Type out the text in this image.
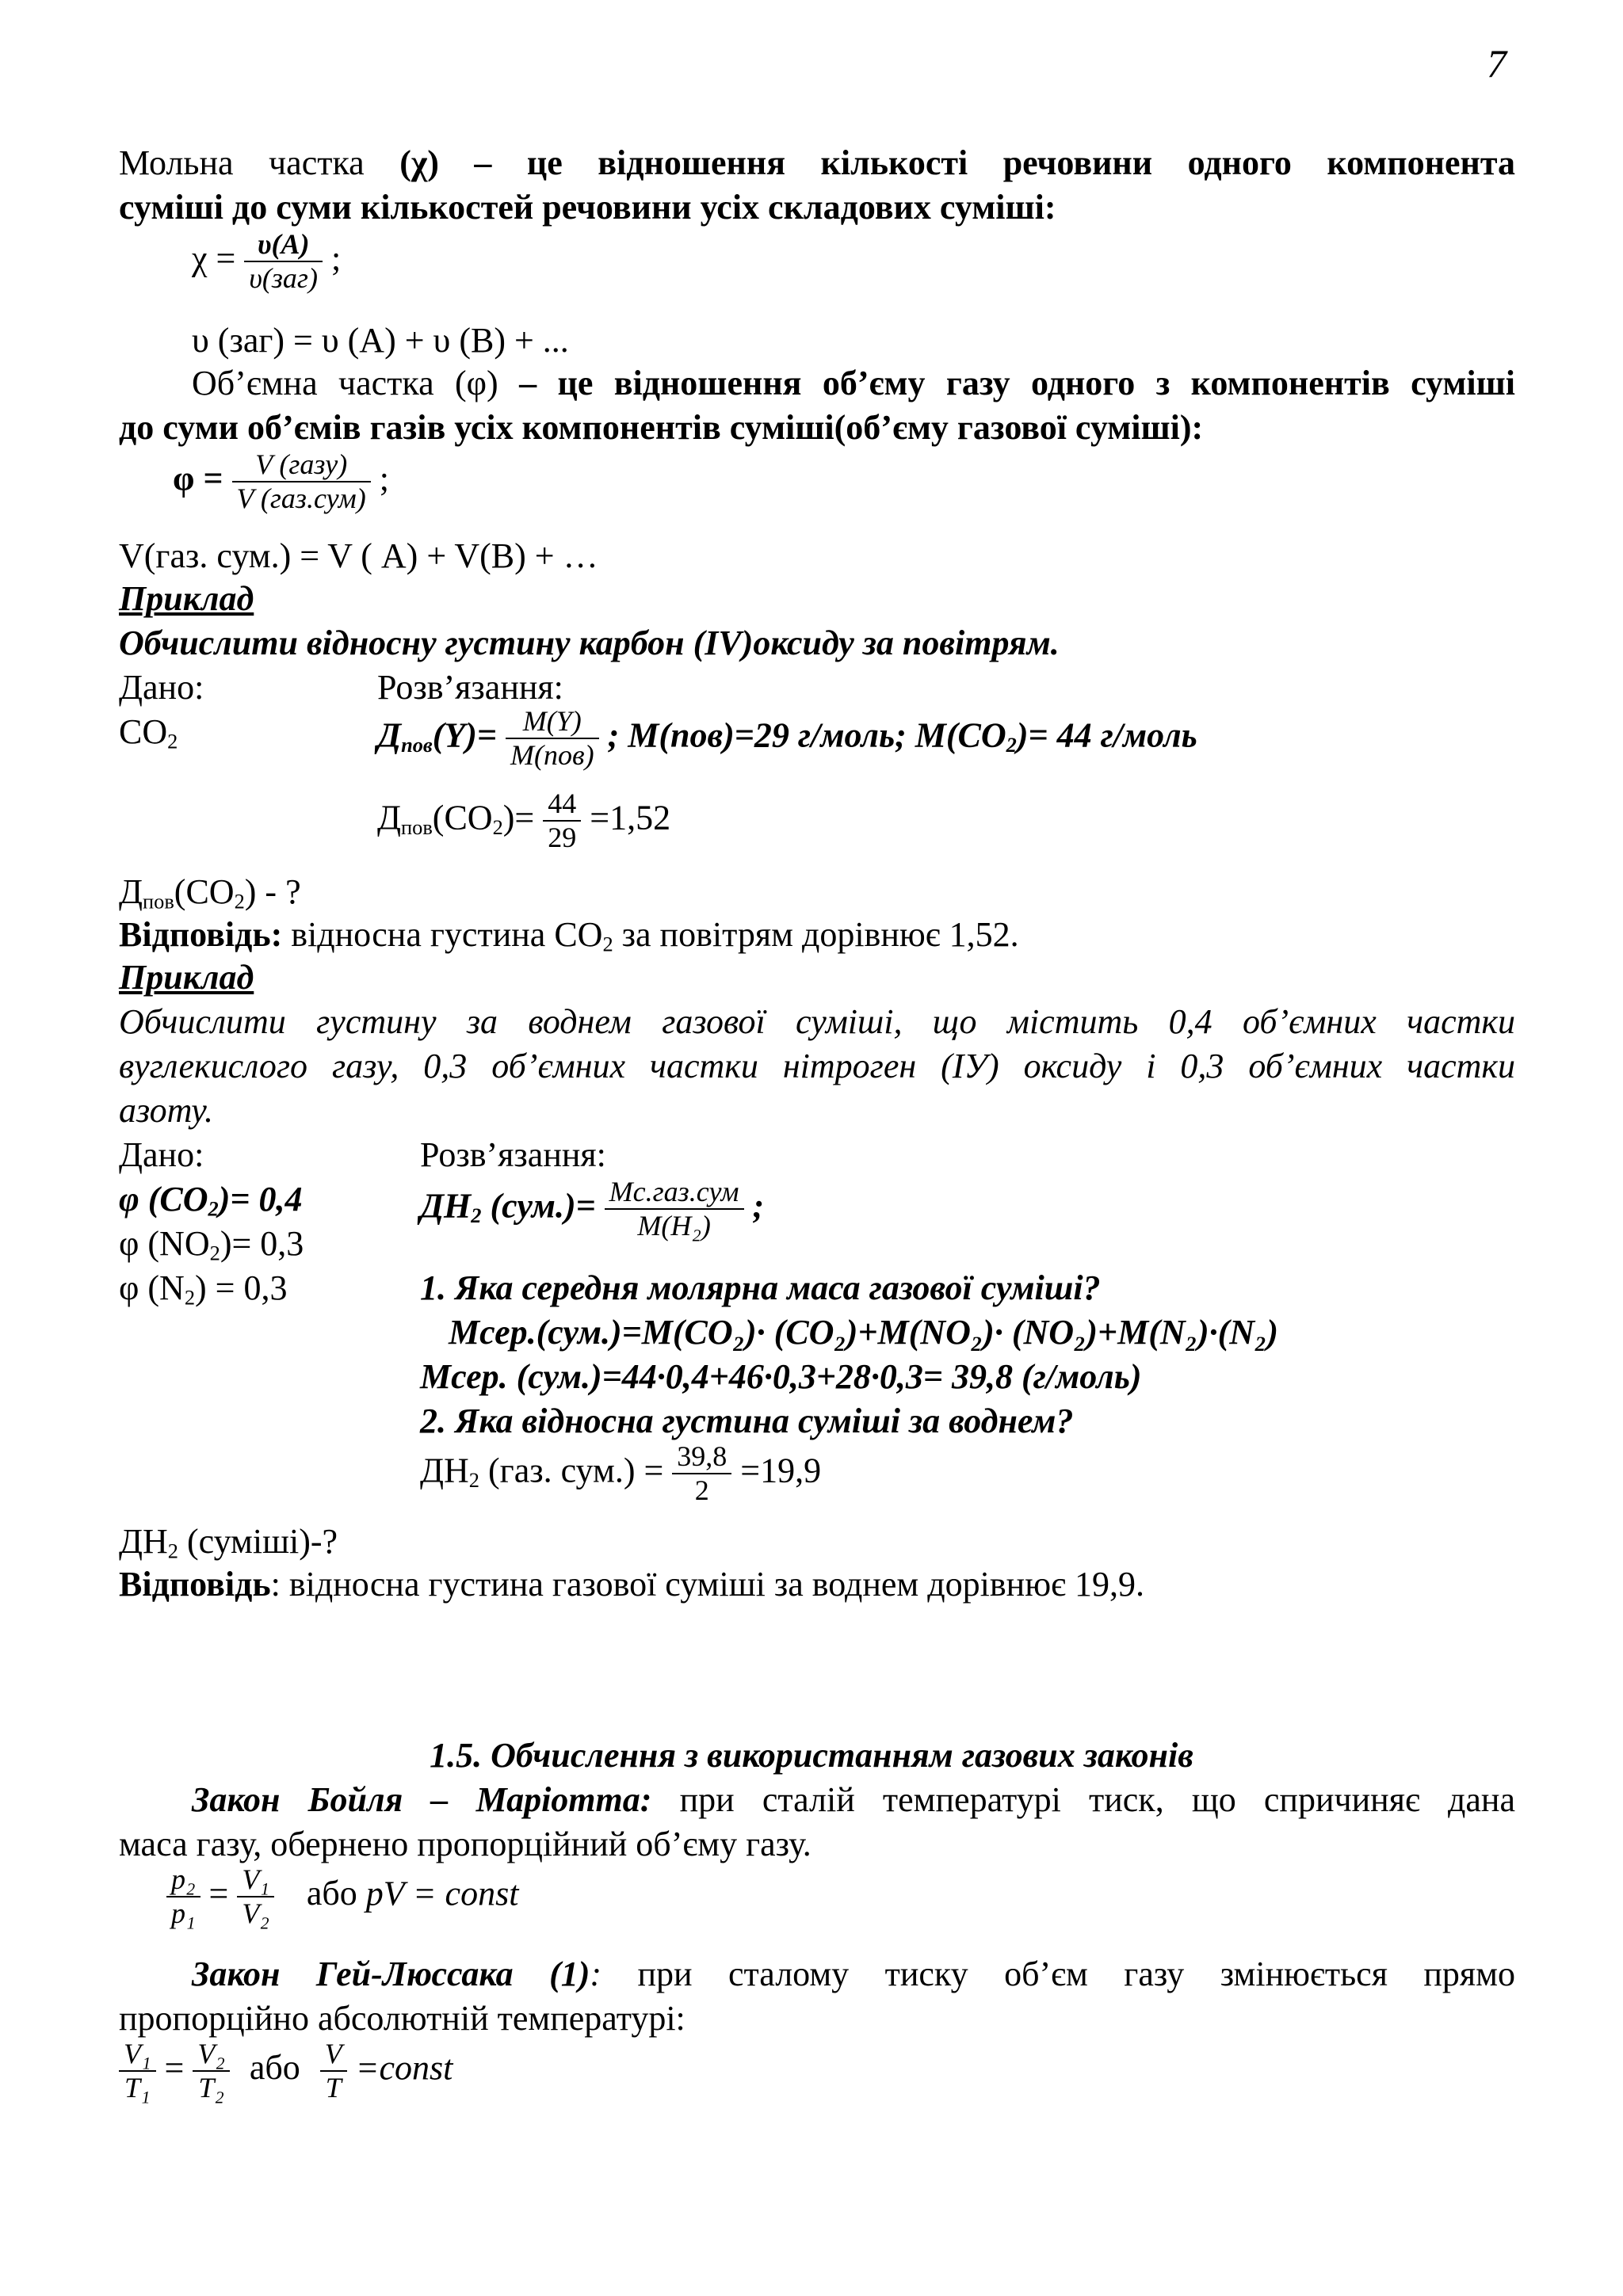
7
Мольна частка (χ) – це відношення кількості речовини одного компонента
суміші до суми кількостей речовини усіх складових суміші:
$\chi = \frac{\upsilon(A)}{\text{υ(заг)}}$ ;
υ (заг) = υ (А) + υ (В) + ...
Об’ємна частка (φ) – це відношення об’єму газу одного з компонентів суміші
до суми об’ємів газів усіх компонентів суміші(об’єму газової суміші):
$\varphi = \frac{\text{V (газу)}}{\text{V (газ.сум)}}$ ;
V(газ. сум.) = V ( А) + V(В) + …
Приклад
Обчислити відносну густину карбон (IV)оксиду за повітрям.
Дано:	Розв’язання:
$CO_2$	$Д_{пов}(Y)= \frac{M(Y)}{\text{M(пов)}}$ ; M(пов)=29 г/моль; $M(CO_2)= 44$ г/моль
$Д_{пов}(СО_2)= \frac{44}{29} =1,52$
$Д_{пов}(СО_2)$ - ?
Відповідь: відносна густина $СО_2$ за повітрям дорівнює 1,52.
Приклад
Обчислити густину за воднем газової суміші, що містить 0,4 об’ємних частки
вуглекислого газу, 0,3 об’ємних частки нітроген (IУ) оксиду і 0,3 об’ємних частки
азоту.
Дано:	Розв’язання:
φ $(CO_2)= 0,4$
φ $(NO_2)= 0,3$
φ $(N_2) = 0,3$
$ДН_2$ $(сум.)= \frac{\text{Mс.газ.сум}}{\text{M(H₂)}}$ ;
1. Яка середня молярна маса газової суміші?
Mсер.(сум.)=M(CO₂)· (CO₂)+M(NO₂)· (NO₂)+M(N₂)·(N₂)
Mсер. (сум.)=44·0,4+46·0,3+28·0,3= 39,8 (г/моль)
2. Яка відносна густина суміші за воднем?
$ДН_2$ (газ. $сум.) = \frac{39,8}{2} =19,9$
$ДН_2$ (суміші)-?
Відповідь: відносна густина газової суміші за воднем дорівнює 19,9.
1.5. Обчислення з використанням газових законів
Закон Бойля – Маріотта: при сталій температурі тиск, що спричиняє дана
маса газу, обернено пропорційний об’єму газу.
$\frac{\text{p₂}}{\text{p₁}} = \frac{\text{V₁}}{\text{V₂}}$ або pV = const
Закон Гей-Люссака (1): при сталому тиску об’єм газу змінюється прямо
пропорційно абсолютній температурі:
$\frac{\text{V₁}}{\text{T₁}} = \frac{\text{V₂}}{\text{T₂}}$ або $\frac{V}{T}$ =const
